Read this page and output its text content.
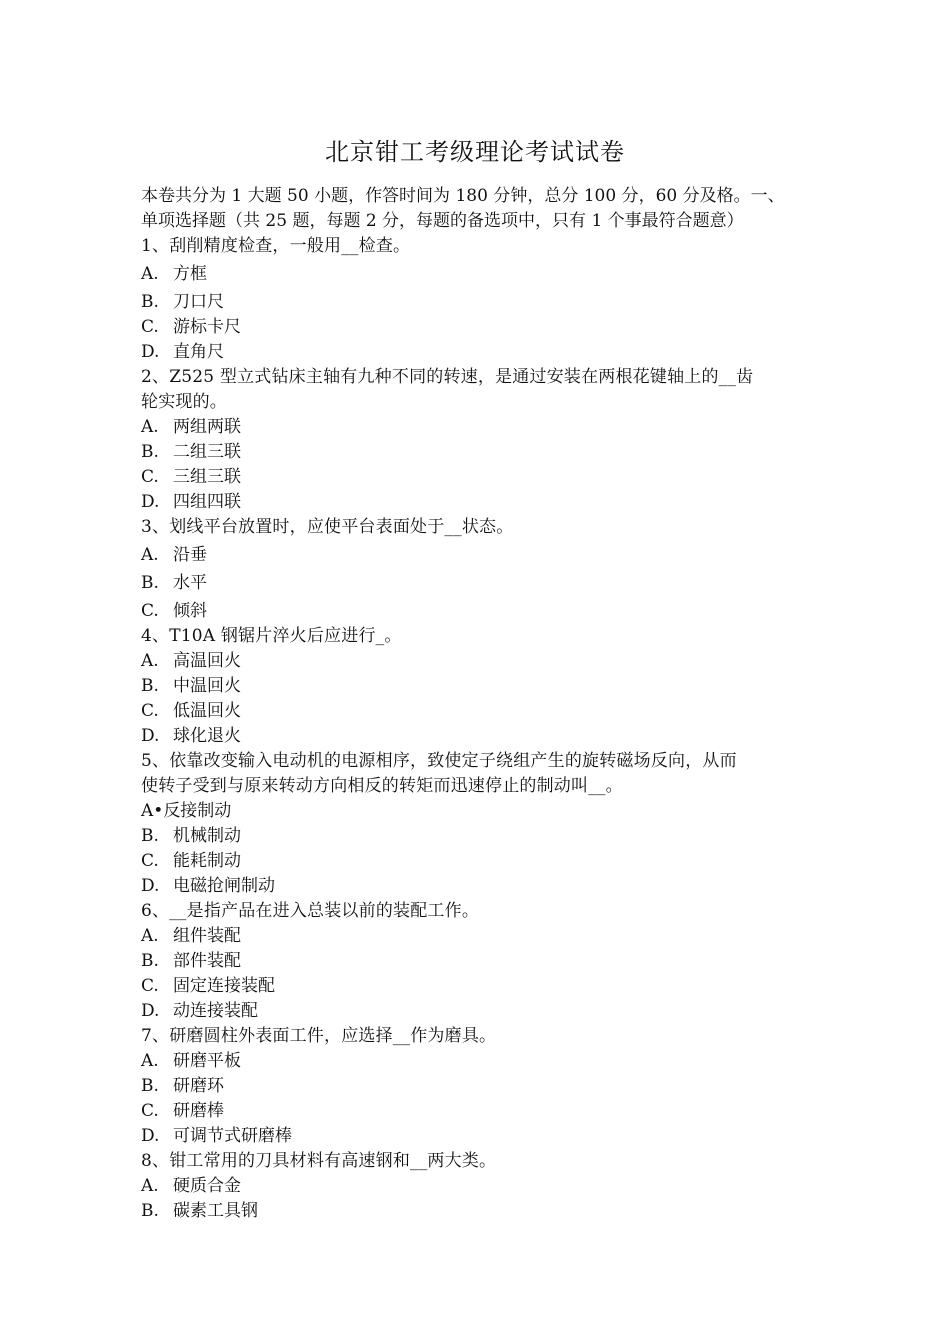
北京钳工考级理论考试试卷
本卷共分为 1 大题 50 小题，作答时间为 180 分钟，总分 100 分，60 分及格。一、
单项选择题（共 25 题，每题 2 分，每题的备选项中，只有 1 个事最符合题意）
1、刮削精度检查，一般用__检查。
A. 方框
B. 刀口尺
C. 游标卡尺
D. 直角尺
2、Z525 型立式钻床主轴有九种不同的转速，是通过安装在两根花键轴上的__齿
轮实现的。
A. 两组两联
B. 二组三联
C. 三组三联
D. 四组四联
3、划线平台放置时，应使平台表面处于__状态。
A. 沿垂
B. 水平
C. 倾斜
4、T10A 钢锯片淬火后应进行_。
A. 高温回火
B. 中温回火
C. 低温回火
D. 球化退火
5、依靠改变输入电动机的电源相序，致使定子绕组产生的旋转磁场反向，从而
使转子受到与原来转动方向相反的转矩而迅速停止的制动叫__。
A• 反接制动
B. 机械制动
C. 能耗制动
D. 电磁抢闸制动
6、__是指产品在进入总装以前的装配工作。
A. 组件装配
B. 部件装配
C. 固定连接装配
D. 动连接装配
7、研磨圆柱外表面工件，应选择__作为磨具。
A. 研磨平板
B. 研磨环
C. 研磨棒
D. 可调节式研磨棒
8、钳工常用的刀具材料有高速钢和__两大类。
A. 硬质合金
B. 碳素工具钢
